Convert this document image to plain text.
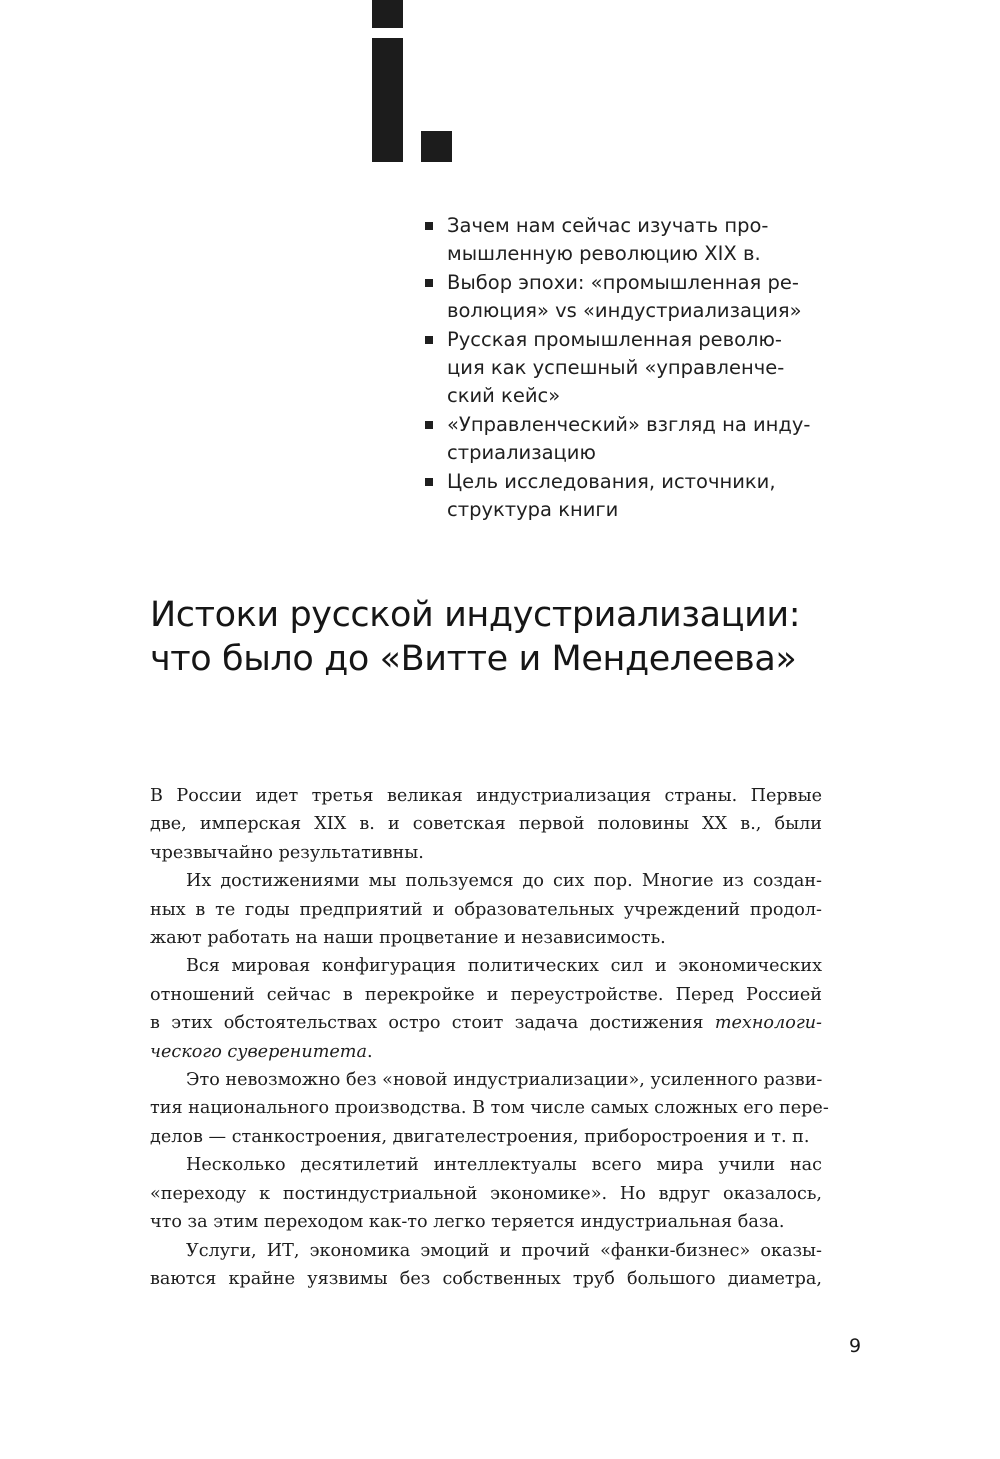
Зачем нам сейчас изучать про-
мышленную революцию XIX в.
Выбор эпохи: «промышленная ре-
волюция» vs «индустриализация»
Русская промышленная револю-
ция как успешный «управленче-
ский кейс»
«Управленческий» взгляд на инду-
стриализацию
Цель исследования, источники,
структура книги
Истоки русской индустриализации:
что было до «Витте и Менделеева»
В России идет третья великая индустриализация страны. Первые
две, имперская XIX в. и советская первой половины XX в., были
чрезвычайно результативны.
Их достижениями мы пользуемся до сих пор. Многие из создан-
ных в те годы предприятий и образовательных учреждений продол-
жают работать на наши процветание и независимость.
Вся мировая конфигурация политических сил и экономических
отношений сейчас в перекройке и переустройстве. Перед Россией
в этих обстоятельствах остро стоит задача достижения технологи-
ческого суверенитета.
Это невозможно без «новой индустриализации», усиленного разви-
тия национального производства. В том числе самых сложных его пере-
делов — станкостроения, двигателестроения, приборостроения и т. п.
Несколько десятилетий интеллектуалы всего мира учили нас
«переходу к постиндустриальной экономике». Но вдруг оказалось,
что за этим переходом как-то легко теряется индустриальная база.
Услуги, ИТ, экономика эмоций и прочий «фанки-бизнес» оказы-
ваются крайне уязвимы без собственных труб большого диаметра,
9
